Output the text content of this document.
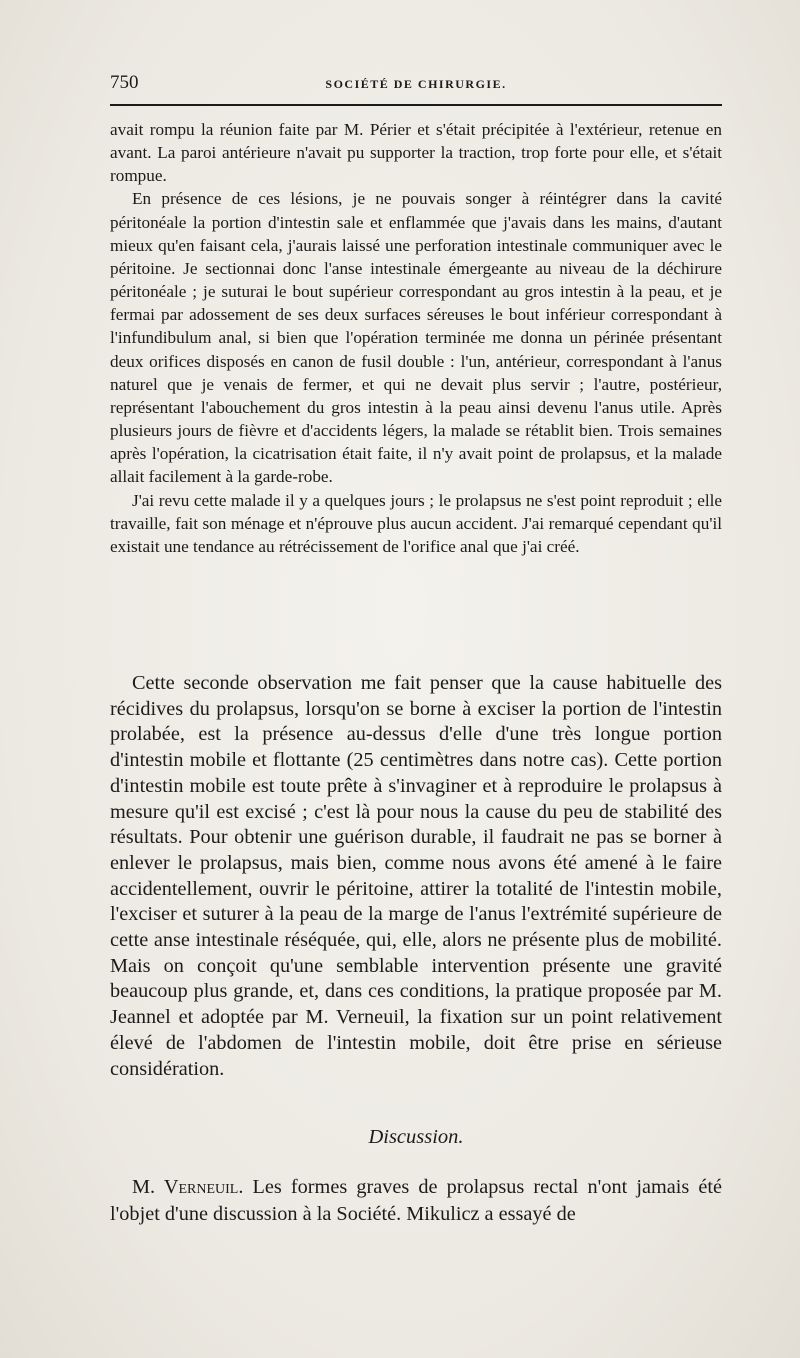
750	SOCIÉTÉ DE CHIRURGIE.

avait rompu la réunion faite par M. Périer et s'était précipitée à l'extérieur, retenue en avant. La paroi antérieure n'avait pu supporter la traction, trop forte pour elle, et s'était rompue.

En présence de ces lésions, je ne pouvais songer à réintégrer dans la cavité péritonéale la portion d'intestin sale et enflammée que j'avais dans les mains, d'autant mieux qu'en faisant cela, j'aurais laissé une perforation intestinale communiquer avec le péritoine. Je sectionnai donc l'anse intestinale émergeante au niveau de la déchirure péritonéale ; je suturai le bout supérieur correspondant au gros intestin à la peau, et je fermai par adossement de ses deux surfaces séreuses le bout inférieur correspondant à l'infundibulum anal, si bien que l'opération terminée me donna un périnée présentant deux orifices disposés en canon de fusil double : l'un, antérieur, correspondant à l'anus naturel que je venais de fermer, et qui ne devait plus servir ; l'autre, postérieur, représentant l'abouchement du gros intestin à la peau ainsi devenu l'anus utile. Après plusieurs jours de fièvre et d'accidents légers, la malade se rétablit bien. Trois semaines après l'opération, la cicatrisation était faite, il n'y avait point de prolapsus, et la malade allait facilement à la garde-robe.

J'ai revu cette malade il y a quelques jours ; le prolapsus ne s'est point reproduit ; elle travaille, fait son ménage et n'éprouve plus aucun accident. J'ai remarqué cependant qu'il existait une tendance au rétrécissement de l'orifice anal que j'ai créé.

Cette seconde observation me fait penser que la cause habituelle des récidives du prolapsus, lorsqu'on se borne à exciser la portion de l'intestin prolabée, est la présence au-dessus d'elle d'une très longue portion d'intestin mobile et flottante (25 centimètres dans notre cas). Cette portion d'intestin mobile est toute prête à s'invaginer et à reproduire le prolapsus à mesure qu'il est excisé ; c'est là pour nous la cause du peu de stabilité des résultats. Pour obtenir une guérison durable, il faudrait ne pas se borner à enlever le prolapsus, mais bien, comme nous avons été amené à le faire accidentellement, ouvrir le péritoine, attirer la totalité de l'intestin mobile, l'exciser et suturer à la peau de la marge de l'anus l'extrémité supérieure de cette anse intestinale réséquée, qui, elle, alors ne présente plus de mobilité. Mais on conçoit qu'une semblable intervention présente une gravité beaucoup plus grande, et, dans ces conditions, la pratique proposée par M. Jeannel et adoptée par M. Verneuil, la fixation sur un point relativement élevé de l'abdomen de l'intestin mobile, doit être prise en sérieuse considération.

Discussion.

M. Verneuil. Les formes graves de prolapsus rectal n'ont jamais été l'objet d'une discussion à la Société. Mikulicz a essayé de
